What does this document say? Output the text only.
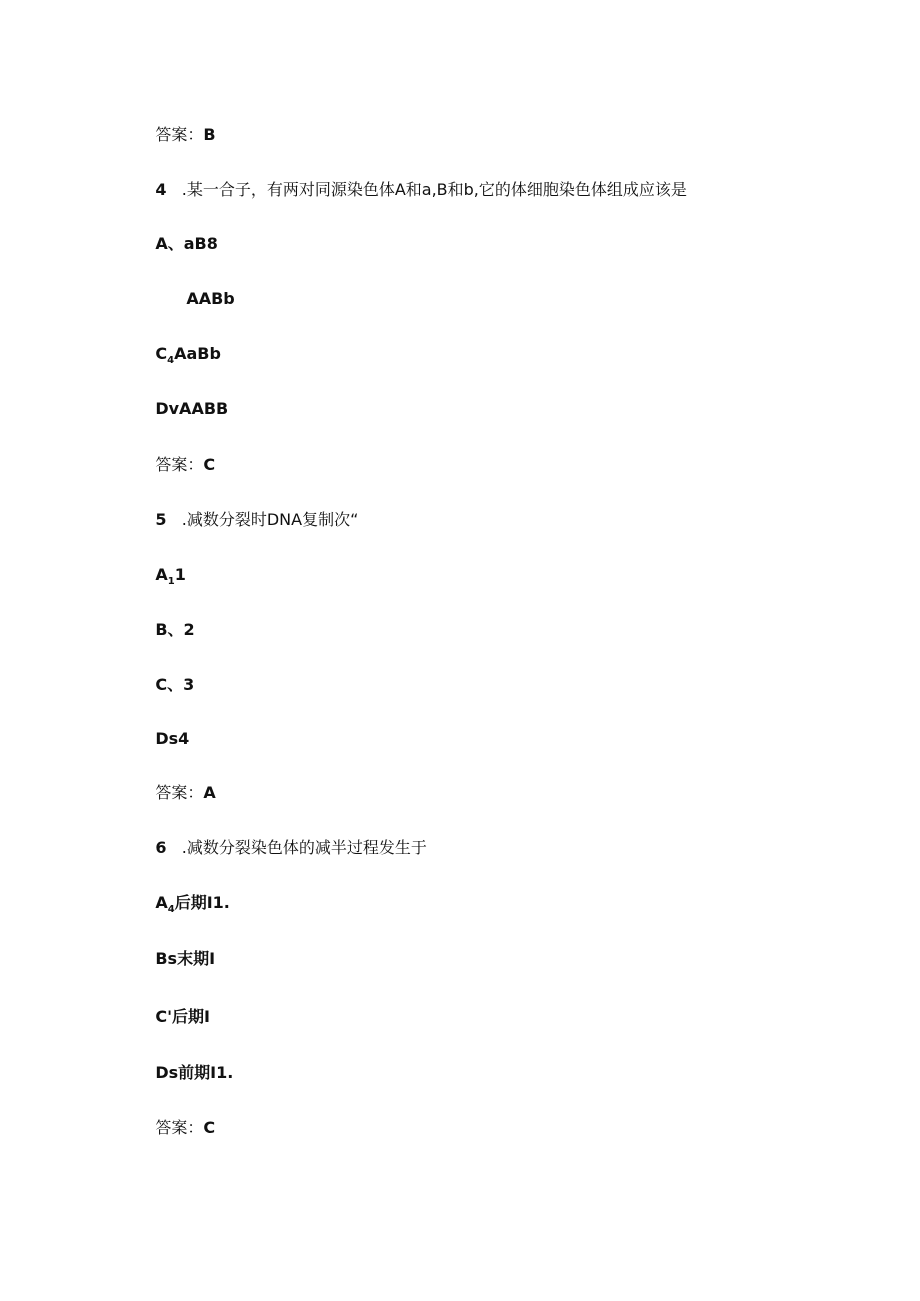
答案：B

4 .某一合子，有两对同源染色体A和a,B和b,它的体细胞染色体组成应该是

A、aB8

AABb

$C_4AaBb$

DvAABB

答案：C

5 .减数分裂时DNA复制次“

$A_11$

B、2

C、3

Ds4

答案：A

6 .减数分裂染色体的减半过程发生于

$A_4$后期I1.

Bs末期I

C'后期I

Ds前期I1.

答案：C
